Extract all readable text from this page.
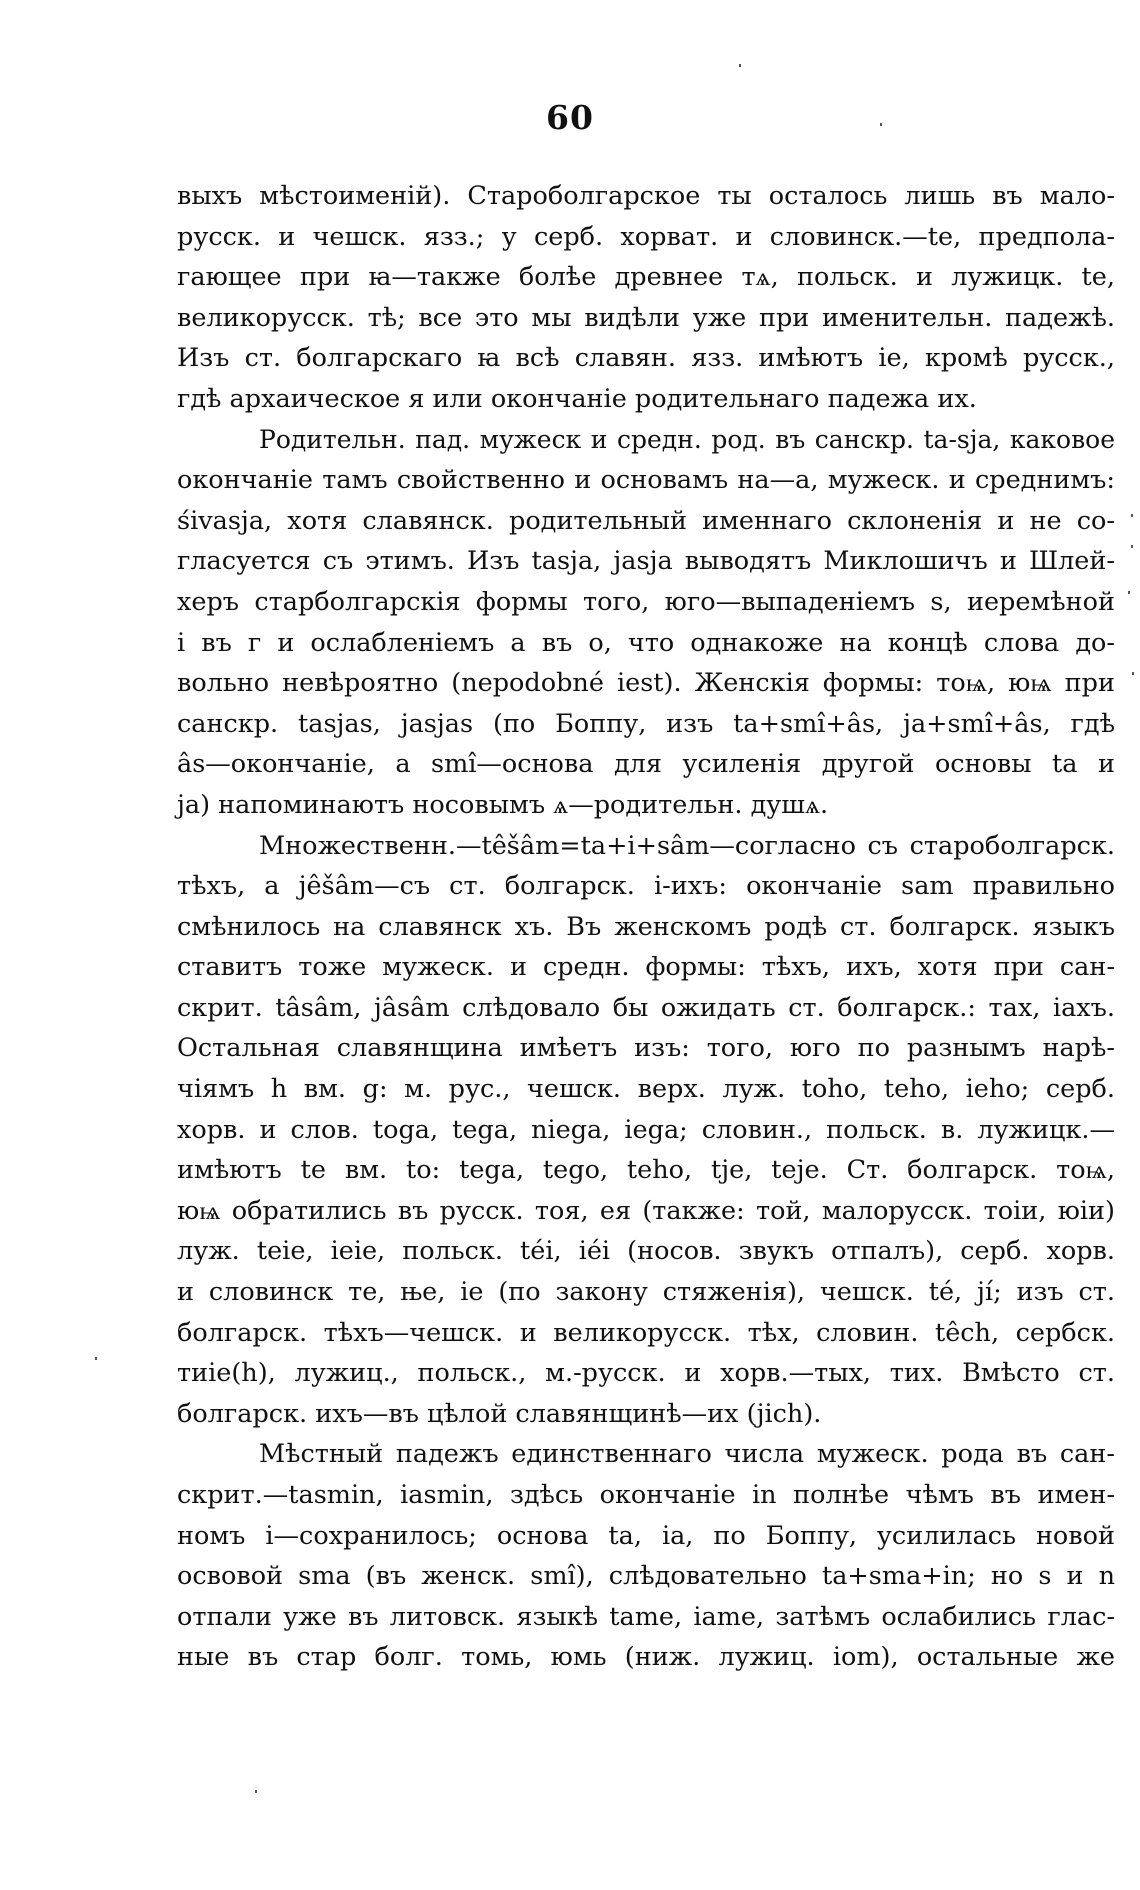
60
выхъ мѣстоименій). Староболгарское ты осталось лишь въ мало-
русск. и чешск. язз.; у серб. хорват. и словинск.—te, предпола-
гающее при ꙗ—также болѣе древнее тѧ, польск. и лужицк. te,
великорусск. тѣ; все это мы видѣли уже при именительн. падежѣ.
Изъ ст. болгарскаго ꙗ всѣ славян. язз. имѣютъ ie, кромѣ русск.,
гдѣ архаическое я или окончаніе родительнаго падежа их.
Родительн. пад. мужеск и средн. род. въ санскр. ta-sja, каковое
окончаніе тамъ свойственно и основамъ на—a, мужеск. и среднимъ:
śivasja, хотя славянск. родительный именнаго склоненія и не со-
гласуется съ этимъ. Изъ tasja, jasja выводятъ Миклошичъ и Шлей-
херъ старболгарскія формы того, юго—выпаденіемъ s, иеремѣной
i въ г и ослабленіемъ a въ o, что однакоже на концѣ слова до-
вольно невѣроятно (nepodobné iest). Женскія формы: тоѩ, юѩ при
санскр. tasjas, jasjas (по Боппу, изъ ta+smî+âs, ja+smî+âs, гдѣ
âs—окончаніе, а smî—основа для усиленія другой основы ta и
ja) напоминаютъ носовымъ ѧ—родительн. душѧ.
Множественн.—têšâm=ta+i+sâm—согласно съ староболгарск.
тѣхъ, а jêšâm—съ ст. болгарск. і-ихъ: окончаніе sam правильно
смѣнилось на славянск хъ. Въ женскомъ родѣ ст. болгарск. языкъ
ставитъ тоже мужеск. и средн. формы: тѣхъ, ихъ, хотя при сан-
скрит. tâsâm, jâsâm слѣдовало бы ожидать ст. болгарск.: тах, іахъ.
Остальная славянщина имѣетъ изъ: того, юго по разнымъ нарѣ-
чіямъ h вм. g: м. рус., чешск. верх. луж. toho, teho, ieho; серб.
хорв. и слов. toga, tega, niega, iega; словин., польск. в. лужицк.—
имѣютъ te вм. to: tega, tego, teho, tje, teje. Ст. болгарск. тоѩ,
юѩ обратились въ русск. тоя, ея (также: той, малорусск. тоіи, юіи)
луж. teie, ieie, польск. téi, iéi (носов. звукъ отпалъ), серб. хорв.
и словинск те, ње, ie (по закону стяженія), чешск. té, jí; изъ ст.
болгарск. тѣхъ—чешск. и великорусск. тѣх, словин. têch, сербск.
тиie(h), лужиц., польск., м.-русск. и хорв.—тых, тих. Вмѣсто ст.
болгарск. ихъ—въ цѣлой славянщинѣ—их (jich).
Мѣстный падежъ единственнаго числа мужеск. рода въ сан-
скрит.—tasmin, iasmin, здѣсь окончаніе in полнѣе чѣмъ въ имен-
номъ i—сохранилось; основа ta, ia, по Боппу, усилилась новой
освовой sma (въ женск. smî), слѣдовательно ta+sma+in; но s и n
отпали уже въ литовск. языкѣ tame, iame, затѣмъ ослабились глас-
ные въ стар болг. томь, юмь (ниж. лужиц. iom), остальные же
